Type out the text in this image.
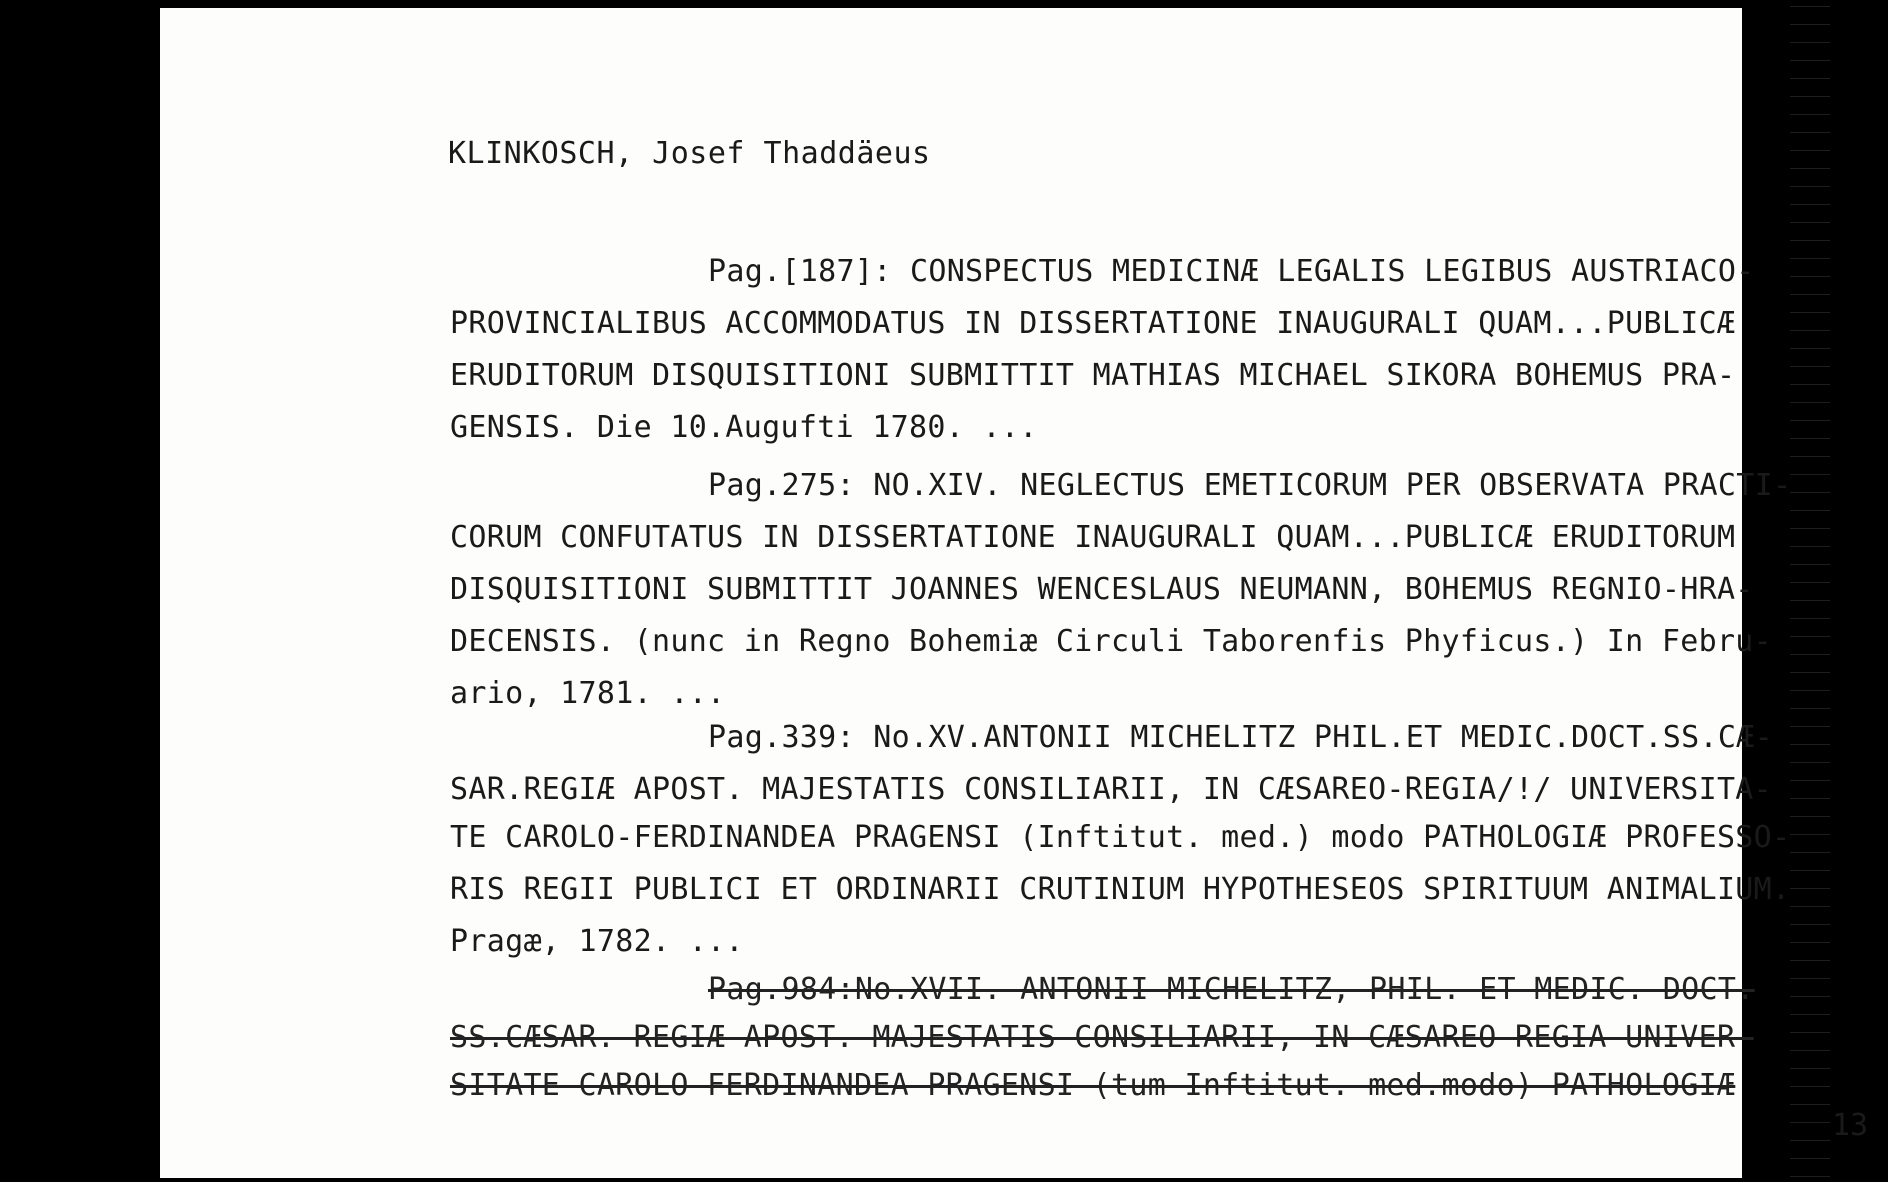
KLINKOSCH, Josef Thaddäeus
Pag.[187]: CONSPECTUS MEDICINÆ LEGALIS LEGIBUS AUSTRIACO-
PROVINCIALIBUS ACCOMMODATUS IN DISSERTATIONE INAUGURALI QUAM...PUBLICÆ
ERUDITORUM DISQUISITIONI SUBMITTIT MATHIAS MICHAEL SIKORA BOHEMUS PRA-
GENSIS. Die 10.Augufti 1780. ...
Pag.275: NO.XIV. NEGLECTUS EMETICORUM PER OBSERVATA PRACTI-
CORUM CONFUTATUS IN DISSERTATIONE INAUGURALI QUAM...PUBLICÆ ERUDITORUM
DISQUISITIONI SUBMITTIT JOANNES WENCESLAUS NEUMANN, BOHEMUS REGNIO-HRA-
DECENSIS. (nunc in Regno Bohemiæ Circuli Taborenfis Phyficus.) In Febru-
ario, 1781. ...
Pag.339: No.XV.ANTONII MICHELITZ PHIL.ET MEDIC.DOCT.SS.CÆ-
SAR.REGIÆ APOST. MAJESTATIS CONSILIARII, IN CÆSAREO-REGIA/!/ UNIVERSITA-
TE CAROLO-FERDINANDEA PRAGENSI (Inftitut. med.) modo PATHOLOGIÆ PROFESSO-
RIS REGII PUBLICI ET ORDINARII CRUTINIUM HYPOTHESEOS SPIRITUUM ANIMALIUM.
Pragæ, 1782. ...
Pag.984:No.XVII. ANTONII MICHELITZ, PHIL. ET MEDIC. DOCT.
SS.CÆSAR. REGIÆ APOST. MAJESTATIS CONSILIARII, IN CÆSAREO-REGIA UNIVER-
SITATE CAROLO-FERDINANDEA PRAGENSI (tum Inftitut. med.modo) PATHOLOGIÆ
13
